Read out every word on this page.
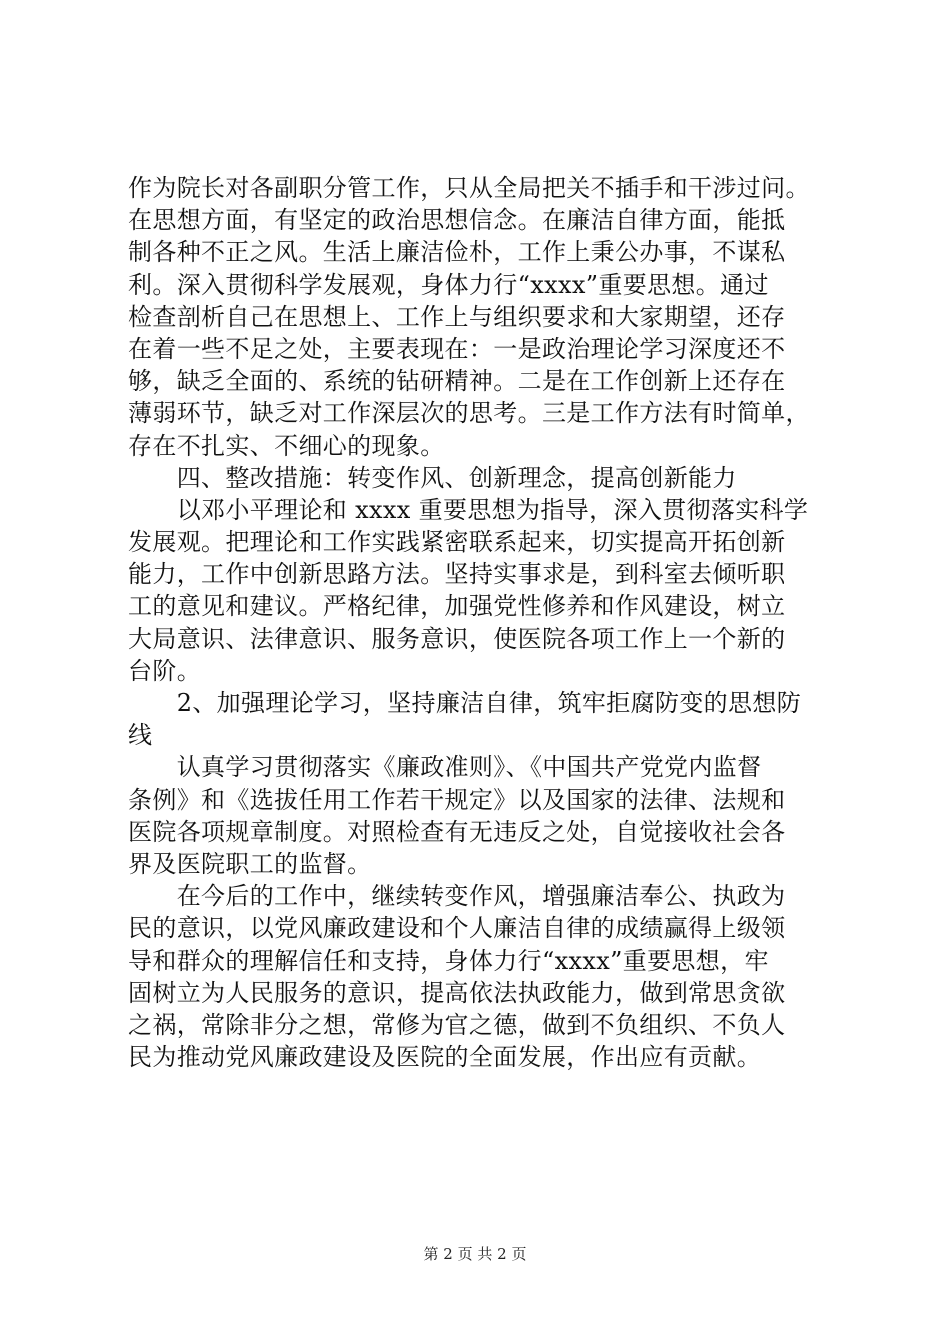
作为院长对各副职分管工作，只从全局把关不插手和干涉过问。
在思想方面，有坚定的政治思想信念。在廉洁自律方面，能抵
制各种不正之风。生活上廉洁俭朴，工作上秉公办事，不谋私
利。深入贯彻科学发展观，身体力行“xxxx”重要思想。通过
检查剖析自己在思想上、工作上与组织要求和大家期望，还存
在着一些不足之处，主要表现在：一是政治理论学习深度还不
够，缺乏全面的、系统的钻研精神。二是在工作创新上还存在
薄弱环节，缺乏对工作深层次的思考。三是工作方法有时简单，
存在不扎实、不细心的现象。
　　四、整改措施：转变作风、创新理念，提高创新能力
　　以邓小平理论和 xxxx 重要思想为指导，深入贯彻落实科学
发展观。把理论和工作实践紧密联系起来，切实提高开拓创新
能力，工作中创新思路方法。坚持实事求是，到科室去倾听职
工的意见和建议。严格纪律，加强党性修养和作风建设，树立
大局意识、法律意识、服务意识，使医院各项工作上一个新的
台阶。
　　2、加强理论学习，坚持廉洁自律，筑牢拒腐防变的思想防
线
　　认真学习贯彻落实《廉政准则》、《中国共产党党内监督
条例》和《选拔任用工作若干规定》以及国家的法律、法规和
医院各项规章制度。对照检查有无违反之处，自觉接收社会各
界及医院职工的监督。
　　在今后的工作中，继续转变作风，增强廉洁奉公、执政为
民的意识，以党风廉政建设和个人廉洁自律的成绩赢得上级领
导和群众的理解信任和支持，身体力行“xxxx”重要思想，牢
固树立为人民服务的意识，提高依法执政能力，做到常思贪欲
之祸，常除非分之想，常修为官之德，做到不负组织、不负人
民为推动党风廉政建设及医院的全面发展，作出应有贡献。
第 2 页 共 2 页
